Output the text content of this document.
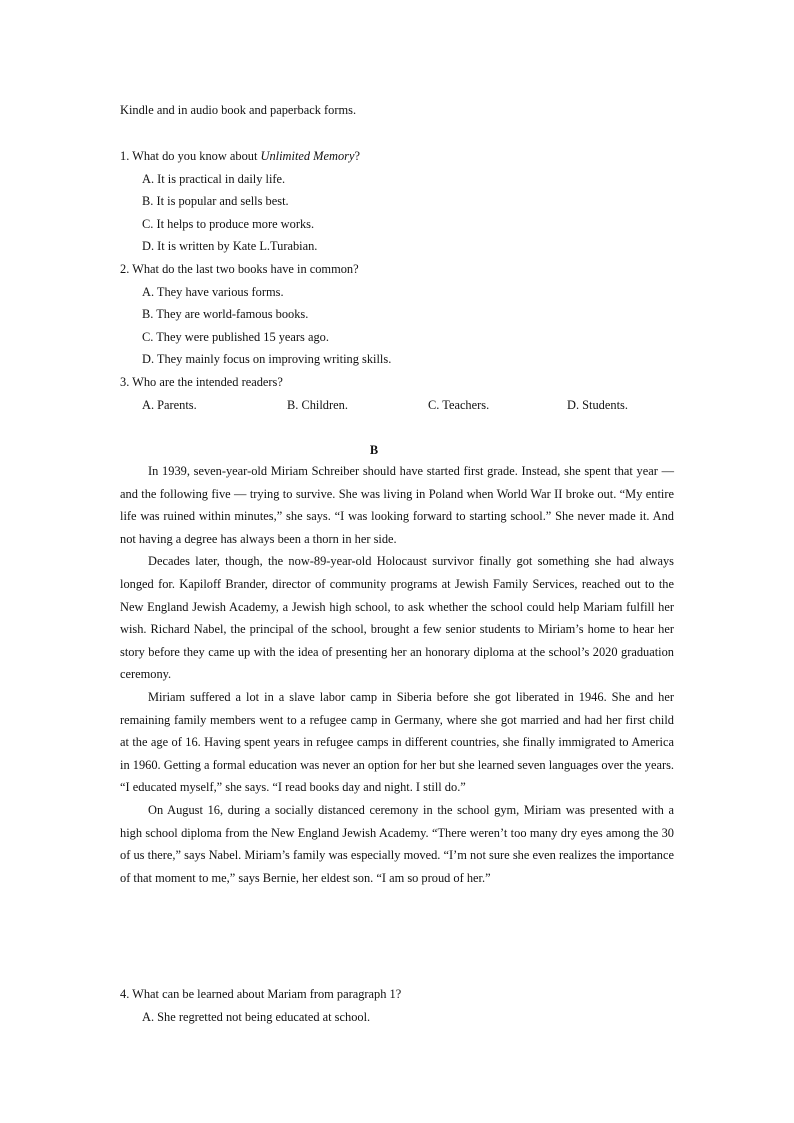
Kindle and in audio book and paperback forms.
1. What do you know about Unlimited Memory?
A. It is practical in daily life.
B. It is popular and sells best.
C. It helps to produce more works.
D. It is written by Kate L.Turabian.
2. What do the last two books have in common?
A. They have various forms.
B. They are world-famous books.
C. They were published 15 years ago.
D. They mainly focus on improving writing skills.
3. Who are the intended readers?
A. Parents.	B. Children.	C. Teachers.	D. Students.
B

In 1939, seven-year-old Miriam Schreiber should have started first grade. Instead, she spent that year — and the following five — trying to survive. She was living in Poland when World War II broke out. “My entire life was ruined within minutes,” she says. “I was looking forward to starting school.” She never made it. And not having a degree has always been a thorn in her side.

Decades later, though, the now-89-year-old Holocaust survivor finally got something she had always longed for. Kapiloff Brander, director of community programs at Jewish Family Services, reached out to the New England Jewish Academy, a Jewish high school, to ask whether the school could help Mariam fulfill her wish. Richard Nabel, the principal of the school, brought a few senior students to Miriam’s home to hear her story before they came up with the idea of presenting her an honorary diploma at the school’s 2020 graduation ceremony.

Miriam suffered a lot in a slave labor camp in Siberia before she got liberated in 1946. She and her remaining family members went to a refugee camp in Germany, where she got married and had her first child at the age of 16. Having spent years in refugee camps in different countries, she finally immigrated to America in 1960. Getting a formal education was never an option for her but she learned seven languages over the years. “I educated myself,” she says. “I read books day and night. I still do.”

On August 16, during a socially distanced ceremony in the school gym, Miriam was presented with a high school diploma from the New England Jewish Academy. “There weren’t too many dry eyes among the 30 of us there,” says Nabel. Miriam’s family was especially moved. “I’m not sure she even realizes the importance of that moment to me,” says Bernie, her eldest son. “I am so proud of her.”

4. What can be learned about Mariam from paragraph 1?
A. She regretted not being educated at school.
